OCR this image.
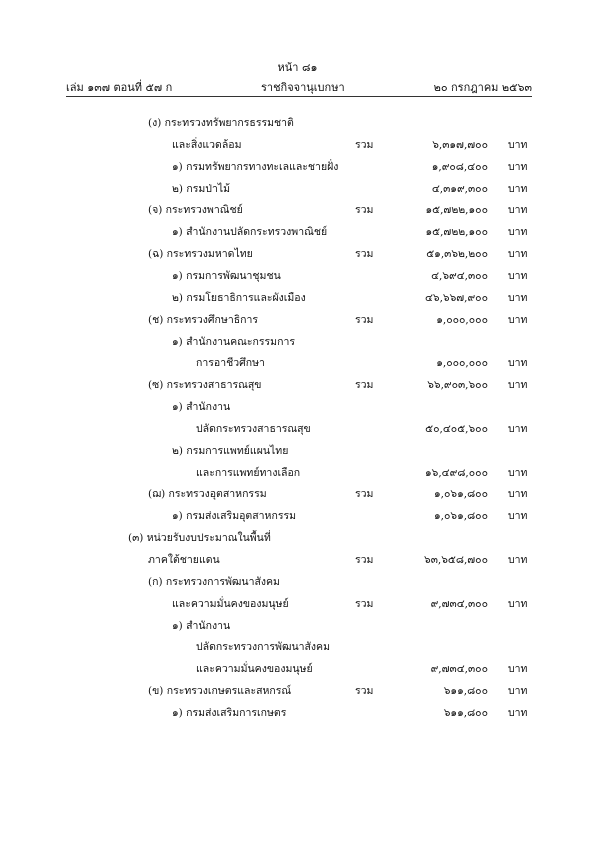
หน้า ๘๑
เล่ม ๑๓๗ ตอนที่ ๕๗ ก	ราชกิจจานุเบกษา	๒๐ กรกฎาคม ๒๕๖๓
(ง) กระทรวงทรัพยากรธรรมชาติ
และสิ่งแวดล้อม	รวม	๖,๓๑๗,๗๐๐ บาท
๑) กรมทรัพยากรทางทะเลและชายฝั่ง	๑,๙๐๘,๔๐๐ บาท
๒) กรมป่าไม้	๔,๓๑๙,๓๐๐ บาท
(จ) กระทรวงพาณิชย์	รวม	๑๕,๗๒๒,๑๐๐ บาท
๑) สำนักงานปลัดกระทรวงพาณิชย์	๑๕,๗๒๒,๑๐๐ บาท
(ฉ) กระทรวงมหาดไทย	รวม	๕๑,๓๖๒,๒๐๐ บาท
๑) กรมการพัฒนาชุมชน	๔,๖๙๔,๓๐๐ บาท
๒) กรมโยธาธิการและผังเมือง	๔๖,๖๖๗,๙๐๐ บาท
(ช) กระทรวงศึกษาธิการ	รวม	๑,๐๐๐,๐๐๐ บาท
๑) สำนักงานคณะกรรมการ
การอาชีวศึกษา	๑,๐๐๐,๐๐๐ บาท
(ซ) กระทรวงสาธารณสุข	รวม	๖๖,๙๐๓,๖๐๐ บาท
๑) สำนักงาน
ปลัดกระทรวงสาธารณสุข	๕๐,๔๐๕,๖๐๐ บาท
๒) กรมการแพทย์แผนไทย
และการแพทย์ทางเลือก	๑๖,๔๙๘,๐๐๐ บาท
(ฌ) กระทรวงอุตสาหกรรม	รวม	๑,๐๖๑,๘๐๐ บาท
๑) กรมส่งเสริมอุตสาหกรรม	๑,๐๖๑,๘๐๐ บาท
(๓) หน่วยรับงบประมาณในพื้นที่
ภาคใต้ชายแดน	รวม	๖๓,๖๕๘,๗๐๐ บาท
(ก) กระทรวงการพัฒนาสังคม
และความมั่นคงของมนุษย์	รวม	๙,๗๓๔,๓๐๐ บาท
๑) สำนักงาน
ปลัดกระทรวงการพัฒนาสังคม
และความมั่นคงของมนุษย์	๙,๗๓๔,๓๐๐ บาท
(ข) กระทรวงเกษตรและสหกรณ์	รวม	๖๑๑,๘๐๐ บาท
๑) กรมส่งเสริมการเกษตร	๖๑๑,๘๐๐ บาท
